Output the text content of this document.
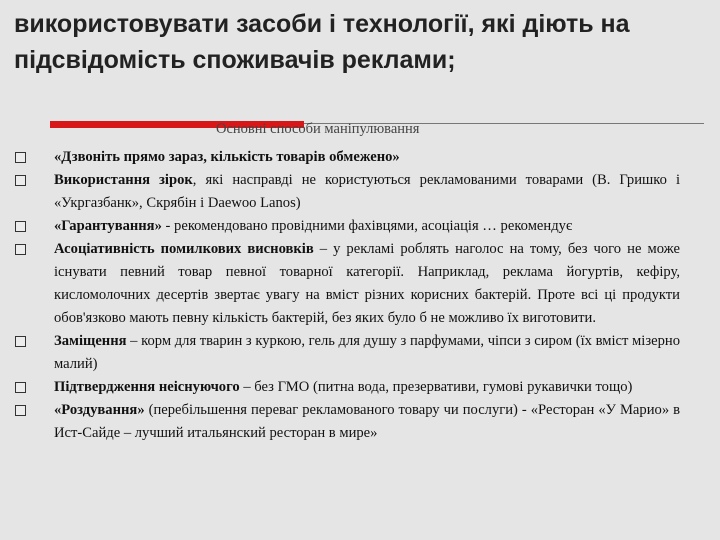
використовувати засоби і технології, які діють на підсвідомість споживачів реклами;
Основні способи маніпулювання
«Дзвоніть прямо зараз, кількість товарів обмежено»
Використання зірок, які насправді не користуються рекламованими товарами (В. Гришко і «Укргазбанк», Скрябін і Daewoo Lanos)
«Гарантування» - рекомендовано провідними фахівцями, асоціація … рекомендує
Асоціативність помилкових висновків – у рекламі роблять наголос на тому, без чого не може існувати певний товар певної товарної категорії. Наприклад, реклама йогуртів, кефіру, кисломолочних десертів звертає увагу на вміст різних корисних бактерій. Проте всі ці продукти обов'язково мають певну кількість бактерій, без яких було б не можливо їх виготовити.
Заміщення – корм для тварин з куркою, гель для душу з парфумами, чіпси з сиром (їх вміст мізерно малий)
Підтвердження неіснуючого – без ГМО (питна вода, презервативи, гумові рукавички тощо)
«Роздування» (перебільшення переваг рекламованого товару чи послуги) - «Ресторан «У Марио» в Ист-Сайде – лучший итальянский ресторан в мире»
